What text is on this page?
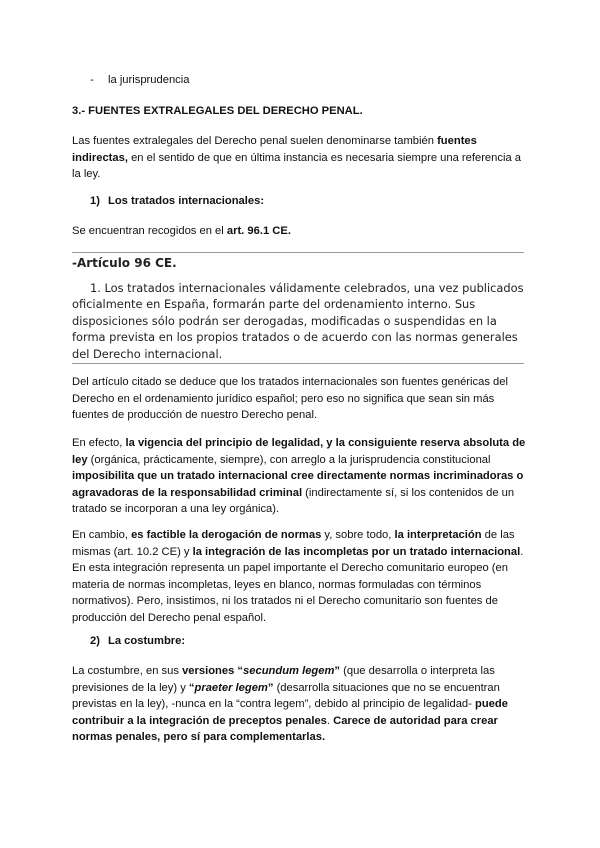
- la jurisprudencia

3.- FUENTES EXTRALEGALES DEL DERECHO PENAL.

Las fuentes extralegales del Derecho penal suelen denominarse también fuentes indirectas, en el sentido de que en última instancia es necesaria siempre una referencia a la ley.

1) Los tratados internacionales:

Se encuentran recogidos en el art. 96.1 CE.

-Artículo 96 CE.

1. Los tratados internacionales válidamente celebrados, una vez publicados oficialmente en España, formarán parte del ordenamiento interno. Sus disposiciones sólo podrán ser derogadas, modificadas o suspendidas en la forma prevista en los propios tratados o de acuerdo con las normas generales del Derecho internacional.

Del artículo citado se deduce que los tratados internacionales son fuentes genéricas del Derecho en el ordenamiento jurídico español; pero eso no significa que sean sin más fuentes de producción de nuestro Derecho penal.

En efecto, la vigencia del principio de legalidad, y la consiguiente reserva absoluta de ley (orgánica, prácticamente, siempre), con arreglo a la jurisprudencia constitucional imposibilita que un tratado internacional cree directamente normas incriminadoras o agravadoras de la responsabilidad criminal (indirectamente sí, si los contenidos de un tratado se incorporan a una ley orgánica).

En cambio, es factible la derogación de normas y, sobre todo, la interpretación de las mismas (art. 10.2 CE) y la integración de las incompletas por un tratado internacional. En esta integración representa un papel importante el Derecho comunitario europeo (en materia de normas incompletas, leyes en blanco, normas formuladas con términos normativos). Pero, insistimos, ni los tratados ni el Derecho comunitario son fuentes de producción del Derecho penal español.

2) La costumbre:

La costumbre, en sus versiones “secundum legem” (que desarrolla o interpreta las previsiones de la ley) y “praeter legem” (desarrolla situaciones que no se encuentran previstas en la ley), -nunca en la “contra legem”, debido al principio de legalidad- puede contribuir a la integración de preceptos penales. Carece de autoridad para crear normas penales, pero sí para complementarlas.
